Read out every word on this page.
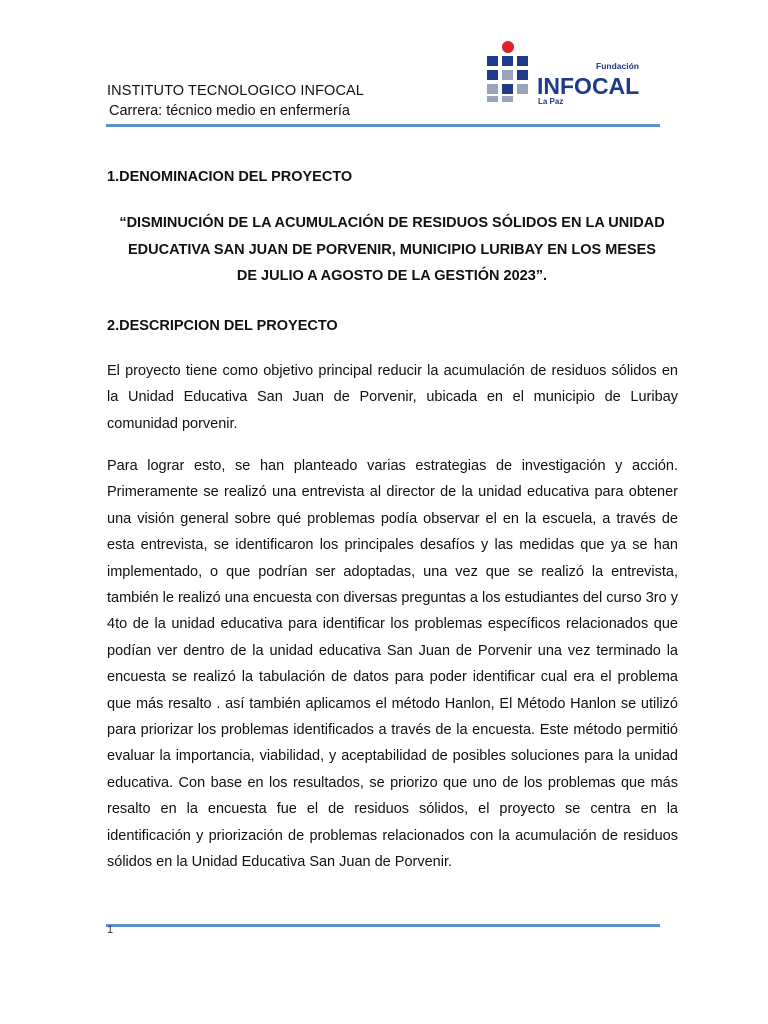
INSTITUTO TECNOLOGICO INFOCAL
Carrera: técnico medio en enfermería
Fundación
INFOCAL
La Paz
1.DENOMINACION DEL PROYECTO
“DISMINUCIÓN DE LA ACUMULACIÓN DE RESIDUOS SÓLIDOS EN LA UNIDAD
EDUCATIVA SAN JUAN DE PORVENIR, MUNICIPIO LURIBAY EN LOS MESES
DE JULIO A AGOSTO DE LA GESTIÓN 2023”.
2.DESCRIPCION DEL PROYECTO
El proyecto tiene como objetivo principal reducir la acumulación de residuos sólidos en la Unidad Educativa San Juan de Porvenir, ubicada en el municipio de Luribay comunidad porvenir.
Para lograr esto, se han planteado varias estrategias de investigación y acción. Primeramente se realizó una entrevista al director de la unidad educativa para obtener una visión general sobre qué problemas podía observar el en la escuela, a través de esta entrevista, se identificaron los principales desafíos y las medidas que ya se han implementado, o que podrían ser adoptadas, una vez que se realizó la entrevista, también le realizó una encuesta con diversas preguntas a los estudiantes del curso 3ro y 4to de la unidad educativa para identificar los problemas específicos relacionados que podían ver dentro de la unidad educativa San Juan de Porvenir una vez terminado la encuesta se realizó la tabulación de datos para poder identificar cual era el problema que más resalto . así también aplicamos el método Hanlon, El Método Hanlon se utilizó para priorizar los problemas identificados a través de la encuesta. Este método permitió evaluar la importancia, viabilidad, y aceptabilidad de posibles soluciones para la unidad educativa. Con base en los resultados, se priorizo que uno de los problemas que más resalto en la encuesta fue el de residuos sólidos, el proyecto se centra en la identificación y priorización de problemas relacionados con la acumulación de residuos sólidos en la Unidad Educativa San Juan de Porvenir.
1
